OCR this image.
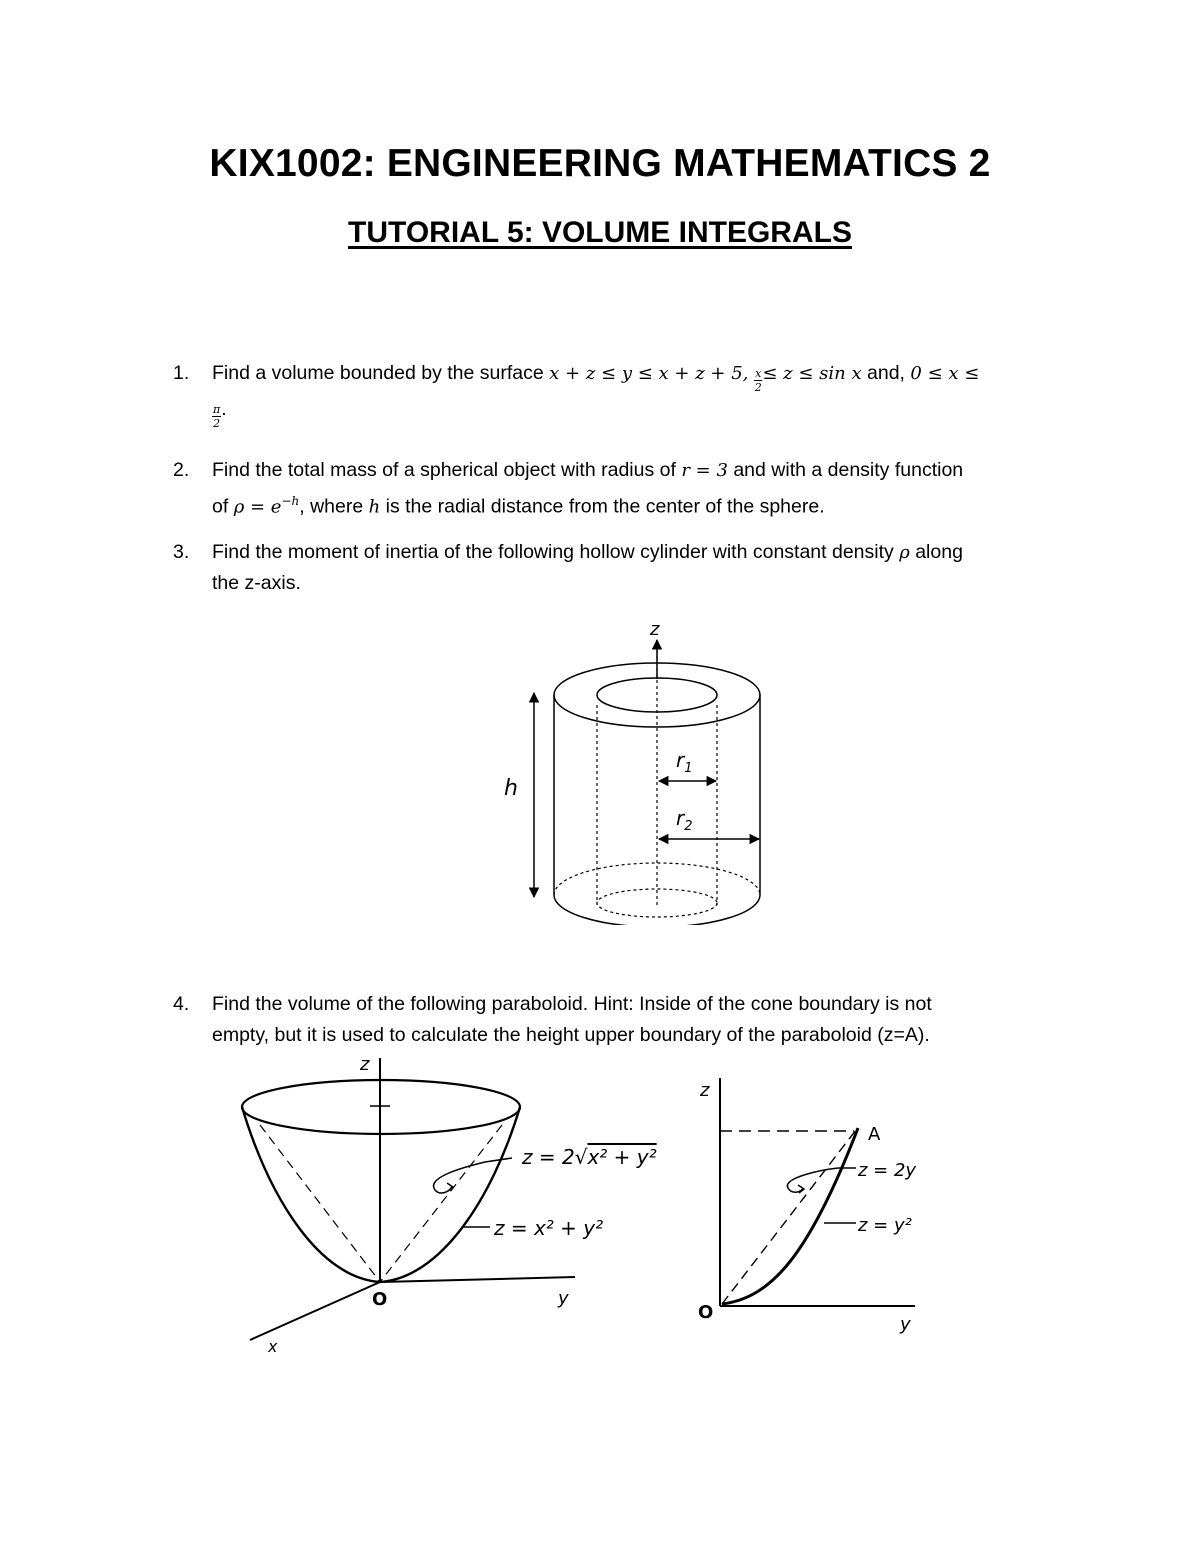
KIX1002: ENGINEERING MATHEMATICS 2
TUTORIAL 5: VOLUME INTEGRALS
1.	Find a volume bounded by the surface x + z ≤ y ≤ x + z + 5, $\frac{x}{2} \le z \le \sin x$ and, 0 ≤ x ≤

$\frac{\pi}{2}$ .
2.	Find the total mass of a spherical object with radius of r = 3 and with a density function
of $\rho = e^{-h}$, where h is the radial distance from the center of the sphere.
3.	Find the moment of inertia of the following hollow cylinder with constant density ρ along
the z-axis.
z
h
$r_1$
$r_2$
4.	Find the volume of the following paraboloid. Hint: Inside of the cone boundary is not
empty, but it is used to calculate the height upper boundary of the paraboloid (z=A).
z
y
x
O
z = 2√x² + y²
z = x² + y²
z
y
O
A
z = 2y
z = y²
